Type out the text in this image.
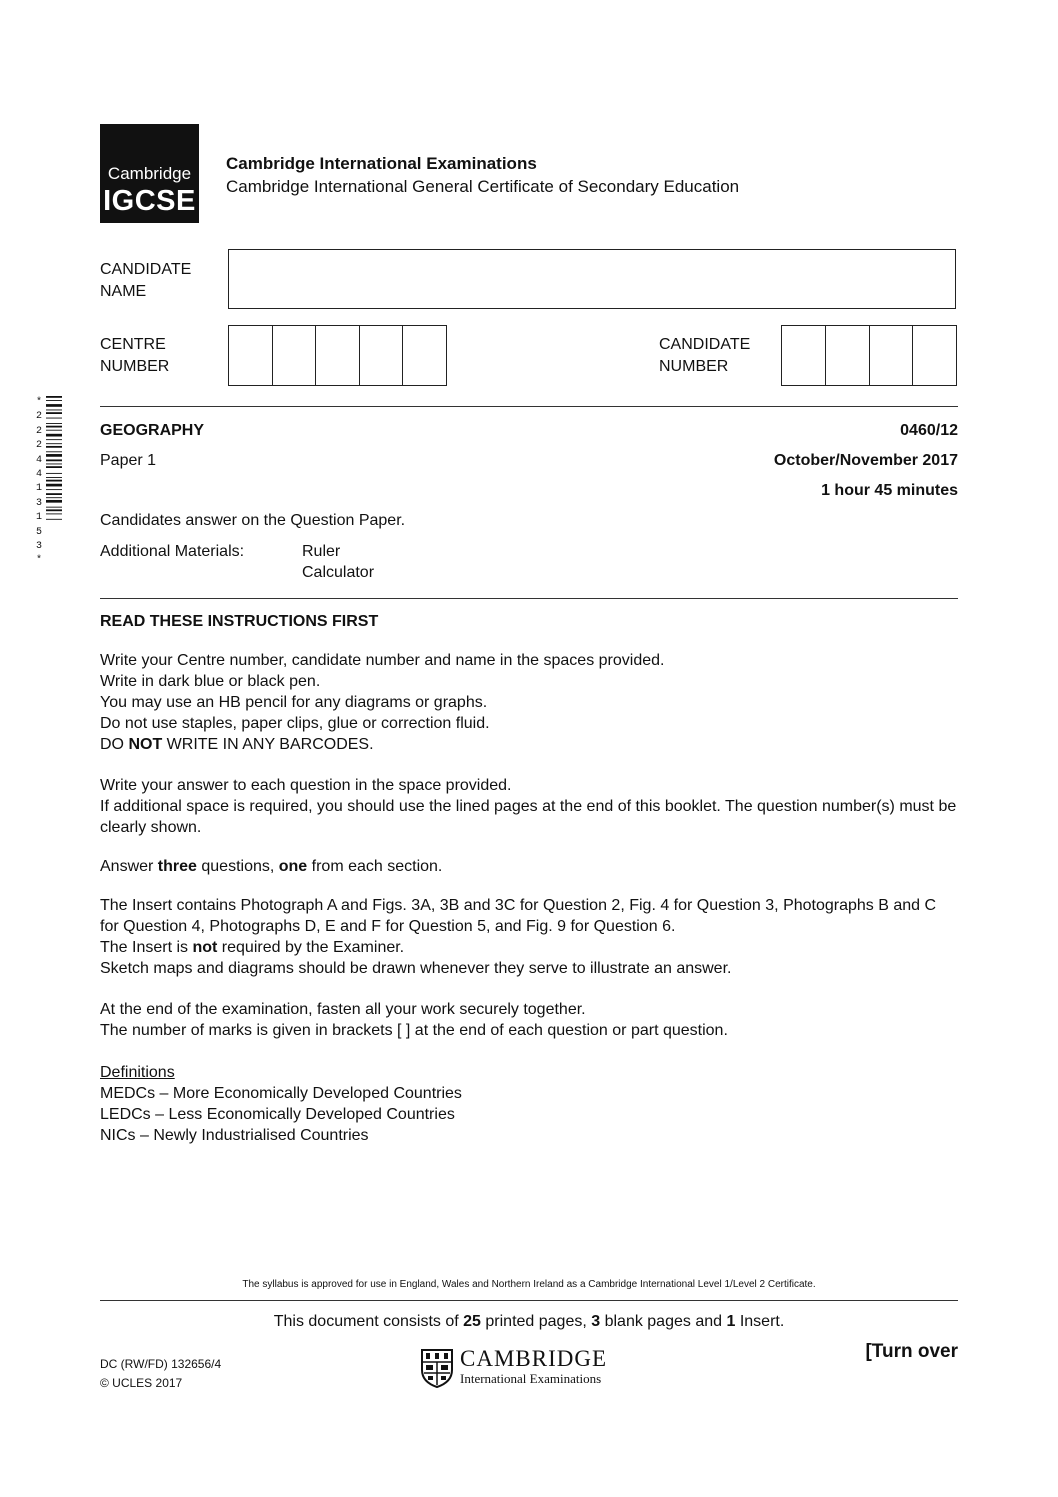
Cambridge
IGCSE
Cambridge International Examinations
Cambridge International General Certificate of Secondary Education
CANDIDATE
NAME
CENTRE
NUMBER
CANDIDATE
NUMBER
*
2
2
2
4
4
1
3
1
5
3
*
GEOGRAPHY	0460/12
Paper 1	October/November 2017
1 hour 45 minutes
Candidates answer on the Question Paper.
Additional Materials:	Ruler
Calculator
READ THESE INSTRUCTIONS FIRST
Write your Centre number, candidate number and name in the spaces provided.
Write in dark blue or black pen.
You may use an HB pencil for any diagrams or graphs.
Do not use staples, paper clips, glue or correction fluid.
DO NOT WRITE IN ANY BARCODES.
Write your answer to each question in the space provided.
If additional space is required, you should use the lined pages at the end of this booklet. The question number(s) must be clearly shown.
Answer three questions, one from each section.
The Insert contains Photograph A and Figs. 3A, 3B and 3C for Question 2, Fig. 4 for Question 3, Photographs B and C for Question 4, Photographs D, E and F for Question 5, and Fig. 9 for Question 6.
The Insert is not required by the Examiner.
Sketch maps and diagrams should be drawn whenever they serve to illustrate an answer.
At the end of the examination, fasten all your work securely together.
The number of marks is given in brackets [ ] at the end of each question or part question.
Definitions
MEDCs – More Economically Developed Countries
LEDCs – Less Economically Developed Countries
NICs – Newly Industrialised Countries
The syllabus is approved for use in England, Wales and Northern Ireland as a Cambridge International Level 1/Level 2 Certificate.
This document consists of 25 printed pages, 3 blank pages and 1 Insert.
DC (RW/FD) 132656/4
© UCLES 2017
CAMBRIDGE
International Examinations
[Turn over
